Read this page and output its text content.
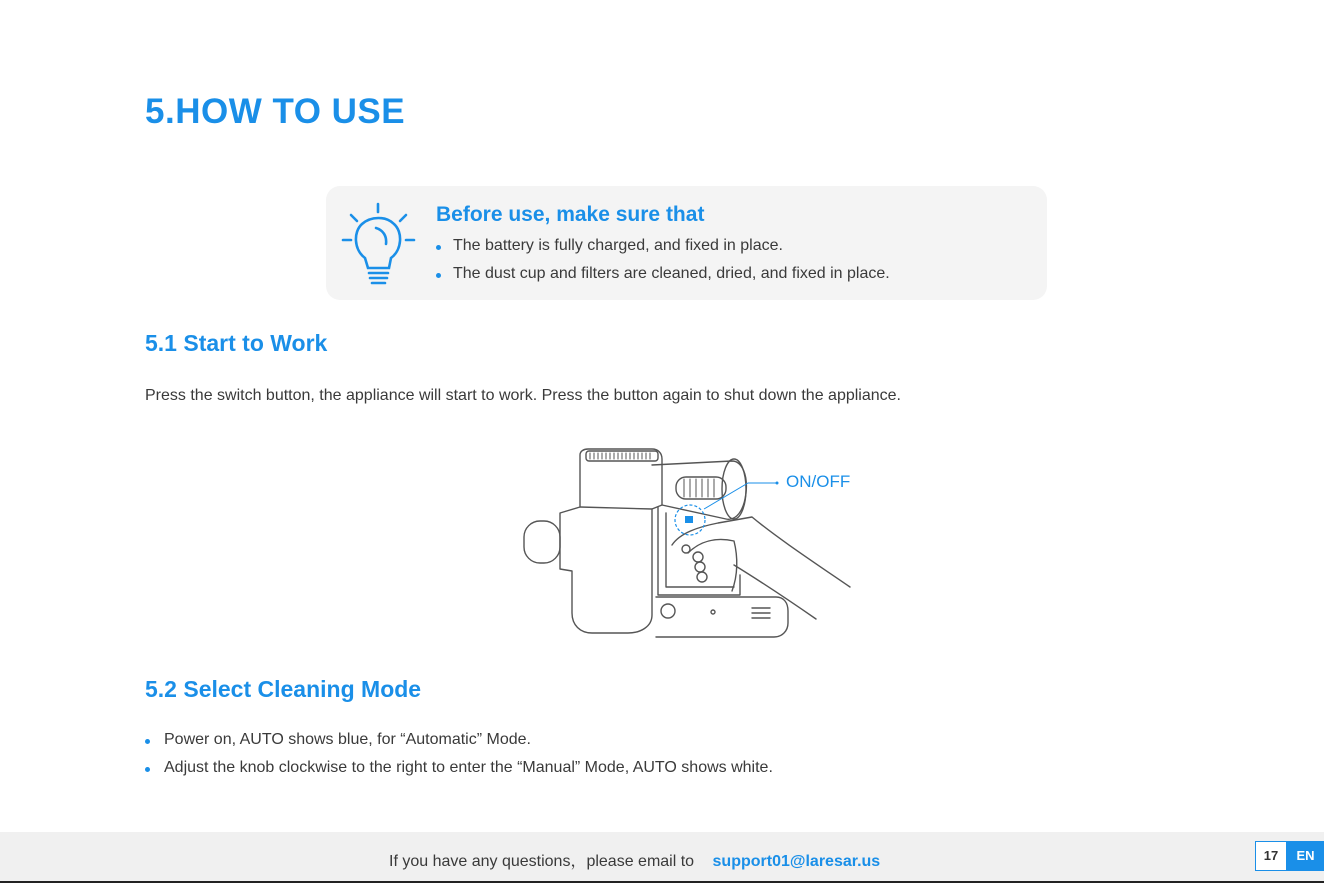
5.HOW TO USE
Before use, make sure that
The battery is fully charged, and fixed in place.
The dust cup and filters are cleaned, dried, and fixed in place.
5.1 Start to Work

Press the switch button, the appliance will start to work. Press the button again to shut down the appliance.

ON/OFF
5.2 Select Cleaning Mode

Power on, AUTO shows blue, for “Automatic” Mode.

Adjust the knob clockwise to the right to enter the “Manual” Mode, AUTO shows white.

If you have any questions，please email to support01@laresar.us	17	EN
